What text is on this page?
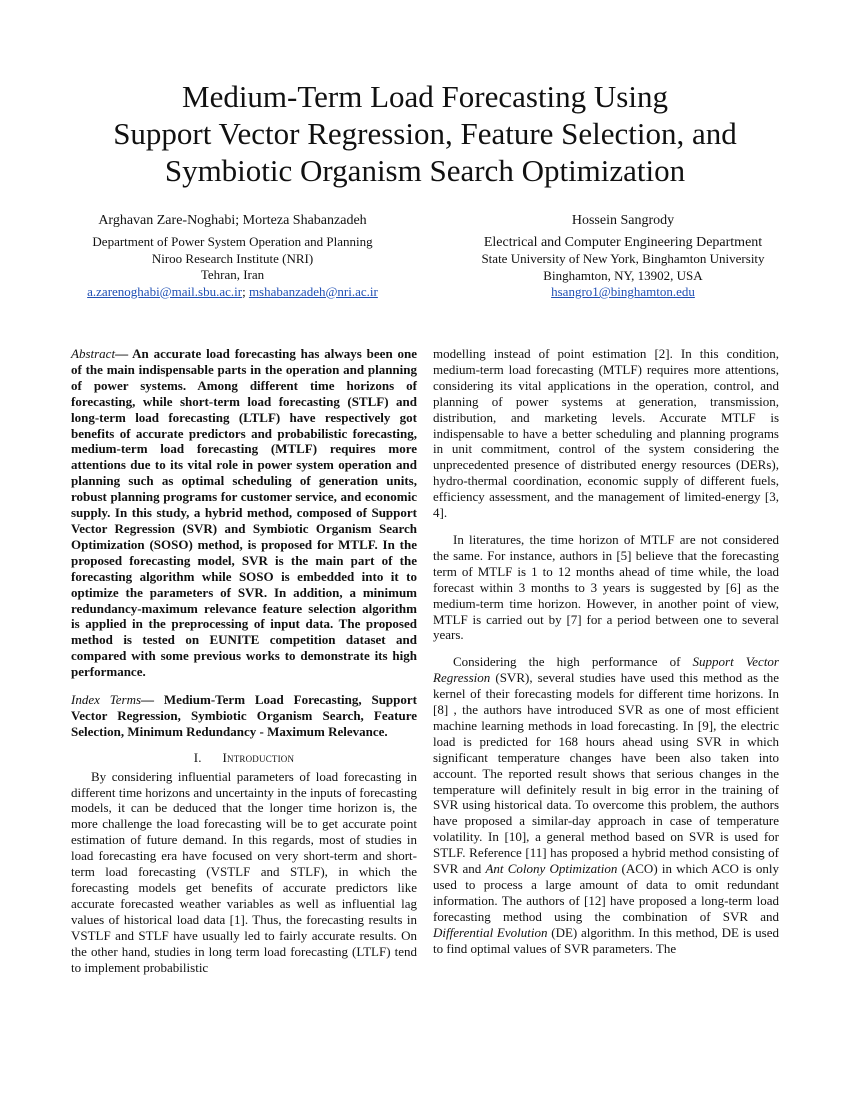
Medium-Term Load Forecasting Using
Support Vector Regression, Feature Selection, and
Symbiotic Organism Search Optimization
Arghavan Zare-Noghabi; Morteza Shabanzadeh
Department of Power System Operation and Planning
Niroo Research Institute (NRI)
Tehran, Iran
a.zarenoghabi@mail.sbu.ac.ir; mshabanzadeh@nri.ac.ir
Hossein Sangrody
Electrical and Computer Engineering Department
State University of New York, Binghamton University
Binghamton, NY, 13902, USA
hsangro1@binghamton.edu

Abstract— An accurate load forecasting has always been one of the main indispensable parts in the operation and planning of power systems. Among different time horizons of forecasting, while short-term load forecasting (STLF) and long-term load forecasting (LTLF) have respectively got benefits of accurate predictors and probabilistic forecasting, medium-term load forecasting (MTLF) requires more attentions due to its vital role in power system operation and planning such as optimal scheduling of generation units, robust planning programs for customer service, and economic supply. In this study, a hybrid method, composed of Support Vector Regression (SVR) and Symbiotic Organism Search Optimization (SOSO) method, is proposed for MTLF. In the proposed forecasting model, SVR is the main part of the forecasting algorithm while SOSO is embedded into it to optimize the parameters of SVR. In addition, a minimum redundancy-maximum relevance feature selection algorithm is applied in the preprocessing of input data. The proposed method is tested on EUNITE competition dataset and compared with some previous works to demonstrate its high performance.

Index Terms— Medium-Term Load Forecasting, Support Vector Regression, Symbiotic Organism Search, Feature Selection, Minimum Redundancy - Maximum Relevance.

I. Introduction

By considering influential parameters of load forecasting in different time horizons and uncertainty in the inputs of forecasting models, it can be deduced that the longer time horizon is, the more challenge the load forecasting will be to get accurate point estimation of future demand. In this regards, most of studies in load forecasting era have focused on very short-term and short- term load forecasting (VSTLF and STLF), in which the forecasting models get benefits of accurate predictors like accurate forecasted weather variables as well as influential lag values of historical load data [1]. Thus, the forecasting results in VSTLF and STLF have usually led to fairly accurate results. On the other hand, studies in long term load forecasting (LTLF) tend to implement probabilistic

modelling instead of point estimation [2]. In this condition, medium-term load forecasting (MTLF) requires more attentions, considering its vital applications in the operation, control, and planning of power systems at generation, transmission, distribution, and marketing levels. Accurate MTLF is indispensable to have a better scheduling and planning programs in unit commitment, control of the system considering the unprecedented presence of distributed energy resources (DERs), hydro-thermal coordination, economic supply of different fuels, efficiency assessment, and the management of limited-energy [3, 4].

In literatures, the time horizon of MTLF are not considered the same. For instance, authors in [5] believe that the forecasting term of MTLF is 1 to 12 months ahead of time while, the load forecast within 3 months to 3 years is suggested by [6] as the medium-term time horizon. However, in another point of view, MTLF is carried out by [7] for a period between one to several years.

Considering the high performance of Support Vector Regression (SVR), several studies have used this method as the kernel of their forecasting models for different time horizons. In [8] , the authors have introduced SVR as one of most efficient machine learning methods in load forecasting. In [9], the electric load is predicted for 168 hours ahead using SVR in which significant temperature changes have been also taken into account. The reported result shows that serious changes in the temperature will definitely result in big error in the training of SVR using historical data. To overcome this problem, the authors have proposed a similar-day approach in case of temperature volatility. In [10], a general method based on SVR is used for STLF. Reference [11] has proposed a hybrid method consisting of SVR and Ant Colony Optimization (ACO) in which ACO is only used to process a large amount of data to omit redundant information. The authors of [12] have proposed a long-term load forecasting method using the combination of SVR and Differential Evolution (DE) algorithm. In this method, DE is used to find optimal values of SVR parameters. The
